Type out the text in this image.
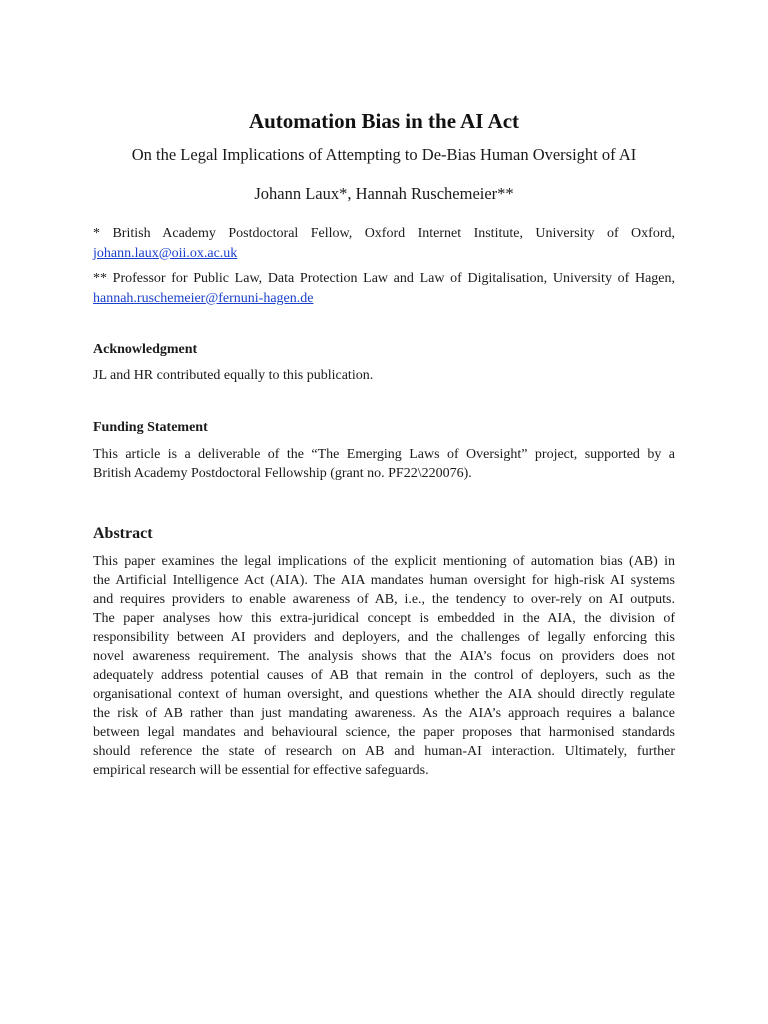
Automation Bias in the AI Act
On the Legal Implications of Attempting to De-Bias Human Oversight of AI
Johann Laux*, Hannah Ruschemeier**
* British Academy Postdoctoral Fellow, Oxford Internet Institute, University of Oxford,
johann.laux@oii.ox.ac.uk
** Professor for Public Law, Data Protection Law and Law of Digitalisation, University of Hagen,
hannah.ruschemeier@fernuni-hagen.de
Acknowledgment
JL and HR contributed equally to this publication.
Funding Statement
This article is a deliverable of the “The Emerging Laws of Oversight” project, supported by a
British Academy Postdoctoral Fellowship (grant no. PF22\220076).
Abstract
This paper examines the legal implications of the explicit mentioning of automation bias (AB) in
the Artificial Intelligence Act (AIA). The AIA mandates human oversight for high-risk AI systems
and requires providers to enable awareness of AB, i.e., the tendency to over-rely on AI outputs.
The paper analyses how this extra-juridical concept is embedded in the AIA, the division of
responsibility between AI providers and deployers, and the challenges of legally enforcing this
novel awareness requirement. The analysis shows that the AIA’s focus on providers does not
adequately address potential causes of AB that remain in the control of deployers, such as the
organisational context of human oversight, and questions whether the AIA should directly regulate
the risk of AB rather than just mandating awareness. As the AIA’s approach requires a balance
between legal mandates and behavioural science, the paper proposes that harmonised standards
should reference the state of research on AB and human-AI interaction. Ultimately, further
empirical research will be essential for effective safeguards.
